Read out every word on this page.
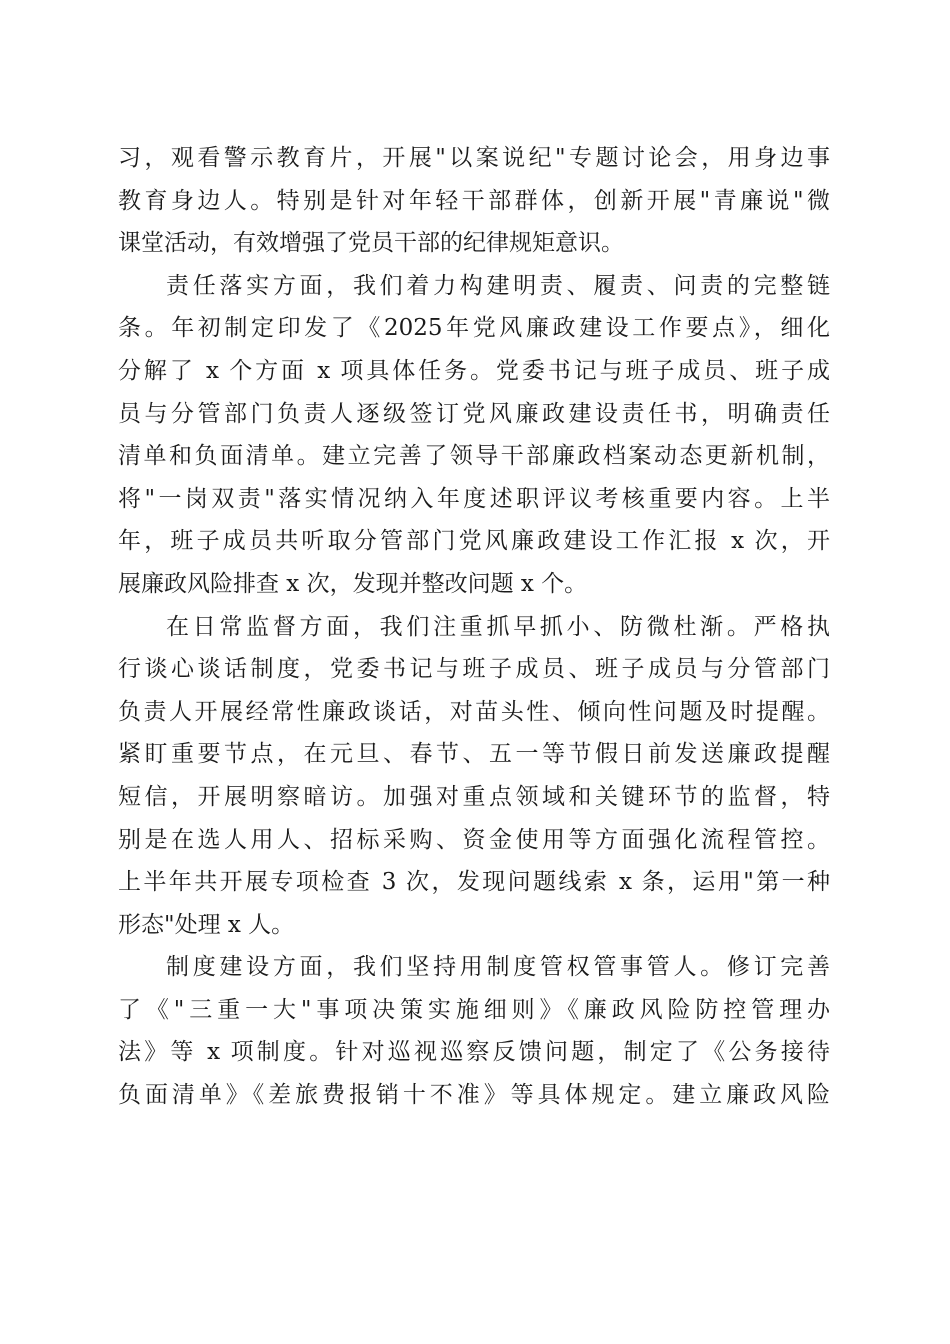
习，观看警示教育片，开展"以案说纪"专题讨论会，用身边事
教育身边人。特别是针对年轻干部群体，创新开展"青廉说"微
课堂活动，有效增强了党员干部的纪律规矩意识。
责任落实方面，我们着力构建明责、履责、问责的完整链
条。年初制定印发了《2025年党风廉政建设工作要点》，细化
分解了 x 个方面 x 项具体任务。党委书记与班子成员、班子成
员与分管部门负责人逐级签订党风廉政建设责任书，明确责任
清单和负面清单。建立完善了领导干部廉政档案动态更新机制，
将"一岗双责"落实情况纳入年度述职评议考核重要内容。上半
年，班子成员共听取分管部门党风廉政建设工作汇报 x 次，开
展廉政风险排查 x 次，发现并整改问题 x 个。
在日常监督方面，我们注重抓早抓小、防微杜渐。严格执
行谈心谈话制度，党委书记与班子成员、班子成员与分管部门
负责人开展经常性廉政谈话，对苗头性、倾向性问题及时提醒。
紧盯重要节点，在元旦、春节、五一等节假日前发送廉政提醒
短信，开展明察暗访。加强对重点领域和关键环节的监督，特
别是在选人用人、招标采购、资金使用等方面强化流程管控。
上半年共开展专项检查 3 次，发现问题线索 x 条，运用"第一种
形态"处理 x 人。
制度建设方面，我们坚持用制度管权管事管人。修订完善
了《"三重一大"事项决策实施细则》《廉政风险防控管理办
法》等 x 项制度。针对巡视巡察反馈问题，制定了《公务接待
负面清单》《差旅费报销十不准》等具体规定。建立廉政风险
